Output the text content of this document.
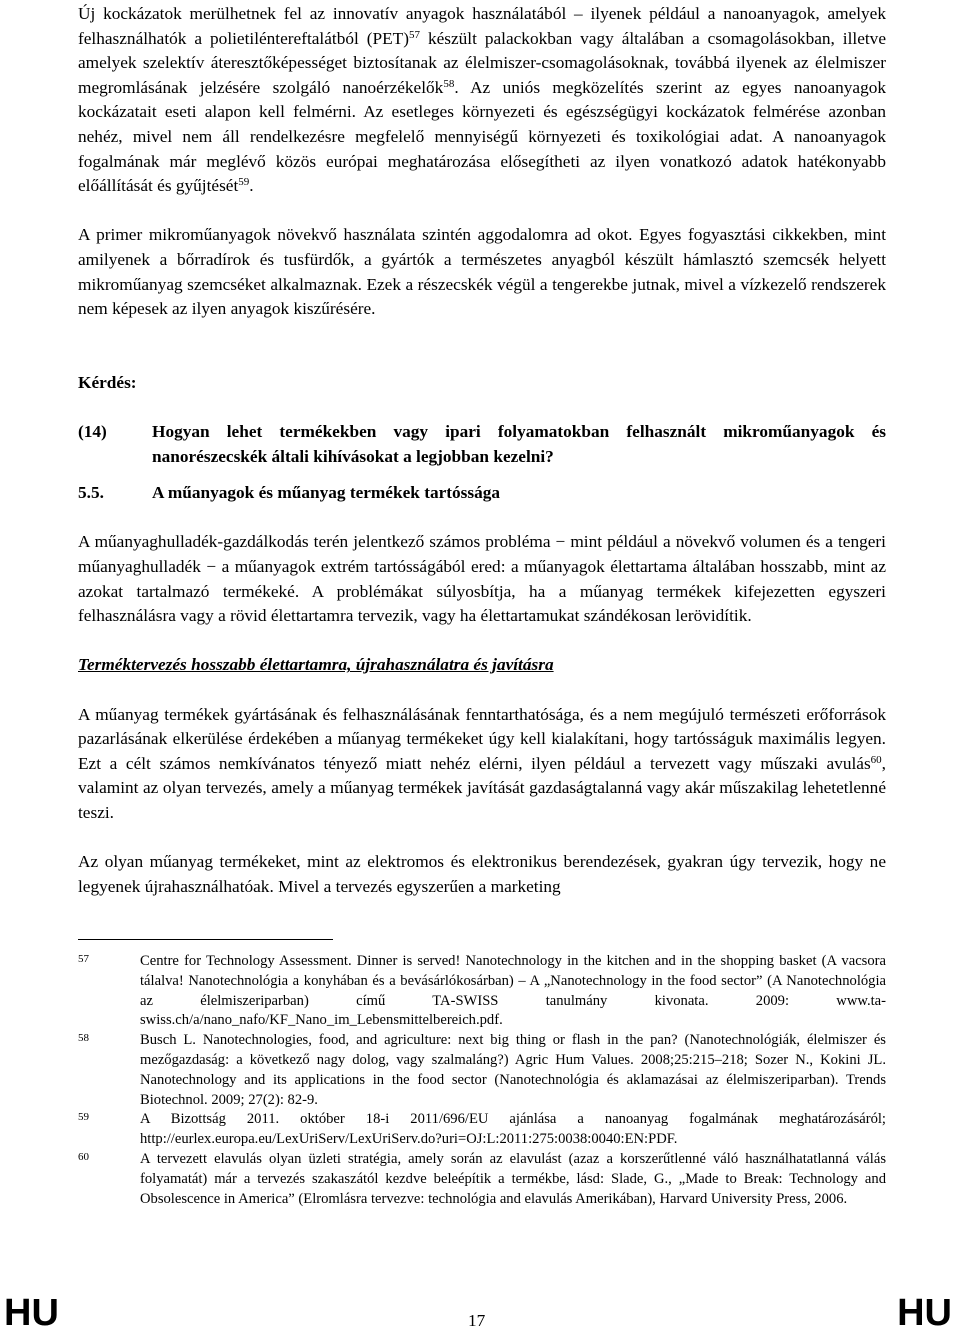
Új kockázatok merülhetnek fel az innovatív anyagok használatából ‒ ilyenek például a nanoanyagok, amelyek felhasználhatók a polietiléntereftalátból (PET)$^{57}$ készült palackokban vagy általában a csomagolásokban, illetve amelyek szelektív áteresztőképességet biztosítanak az élelmiszer-csomagolásoknak, továbbá ilyenek az élelmiszer megromlásának jelzésére szolgáló nanoérzékelők$^{58}$. Az uniós megközelítés szerint az egyes nanoanyagok kockázatait eseti alapon kell felmérni. Az esetleges környezeti és egészségügyi kockázatok felmérése azonban nehéz, mivel nem áll rendelkezésre megfelelő mennyiségű környezeti és toxikológiai adat. A nanoanyagok fogalmának már meglévő közös európai meghatározása elősegítheti az ilyen vonatkozó adatok hatékonyabb előállítását és gyűjtését$^{59}$.

A primer mikroműanyagok növekvő használata szintén aggodalomra ad okot. Egyes fogyasztási cikkekben, mint amilyenek a bőrradírok és tusfürdők, a gyártók a természetes anyagból készült hámlasztó szemcsék helyett mikroműanyag szemcséket alkalmaznak. Ezek a részecskék végül a tengerekbe jutnak, mivel a vízkezelő rendszerek nem képesek az ilyen anyagok kiszűrésére.

Kérdés:
(14)	Hogyan lehet termékekben vagy ipari folyamatokban felhasznált mikroműanyagok és nanorészecskék általi kihívásokat a legjobban kezelni?
5.5.	A műanyagok és műanyag termékek tartóssága

A műanyaghulladék-gazdálkodás terén jelentkező számos probléma − mint például a növekvő volumen és a tengeri műanyaghulladék − a műanyagok extrém tartósságából ered: a műanyagok élettartama általában hosszabb, mint az azokat tartalmazó termékeké. A problémákat súlyosbítja, ha a műanyag termékek kifejezetten egyszeri felhasználásra vagy a rövid élettartamra tervezik, vagy ha élettartamukat szándékosan lerövidítik.

Terméktervezés hosszabb élettartamra, újrahasználatra és javításra

A műanyag termékek gyártásának és felhasználásának fenntarthatósága, és a nem megújuló természeti erőforrások pazarlásának elkerülése érdekében a műanyag termékeket úgy kell kialakítani, hogy tartósságuk maximális legyen. Ezt a célt számos nemkívánatos tényező miatt nehéz elérni, ilyen például a tervezett vagy műszaki avulás$^{60}$, valamint az olyan tervezés, amely a műanyag termékek javítását gazdaságtalanná vagy akár műszakilag lehetetlenné teszi.

Az olyan műanyag termékeket, mint az elektromos és elektronikus berendezések, gyakran úgy tervezik, hogy ne legyenek újrahasználhatóak. Mivel a tervezés egyszerűen a marketing

57	Centre for Technology Assessment. Dinner is served! Nanotechnology in the kitchen and in the shopping basket (A vacsora tálalva! Nanotechnológia a konyhában és a bevásárlókosárban) – A „Nanotechnology in the food sector” (A Nanotechnológia az élelmiszeriparban) című TA-SWISS tanulmány kivonata. 2009: www.ta-swiss.ch/a/nano_nafo/KF_Nano_im_Lebensmittelbereich.pdf.
58	Busch L. Nanotechnologies, food, and agriculture: next big thing or flash in the pan? (Nanotechnológiák, élelmiszer és mezőgazdaság: a következő nagy dolog, vagy szalmaláng?) Agric Hum Values. 2008;25:215–218; Sozer N., Kokini JL. Nanotechnology and its applications in the food sector (Nanotechnológia és aklamazásai az élelmiszeriparban). Trends Biotechnol. 2009; 27(2): 82-9.
59	A Bizottság 2011. október 18-i 2011/696/EU ajánlása a nanoanyag fogalmának meghatározásáról; http://eurlex.europa.eu/LexUriServ/LexUriServ.do?uri=OJ:L:2011:275:0038:0040:EN:PDF.
60	A tervezett elavulás olyan üzleti stratégia, amely során az elavulást (azaz a korszerűtlenné váló használhatatlanná válás folyamatát) már a tervezés szakaszától kezdve beleépítik a termékbe, lásd: Slade, G., „Made to Break: Technology and Obsolescence in America” (Elromlásra tervezve: technológia and elavulás Amerikában), Harvard University Press, 2006.
HU	17	HU
